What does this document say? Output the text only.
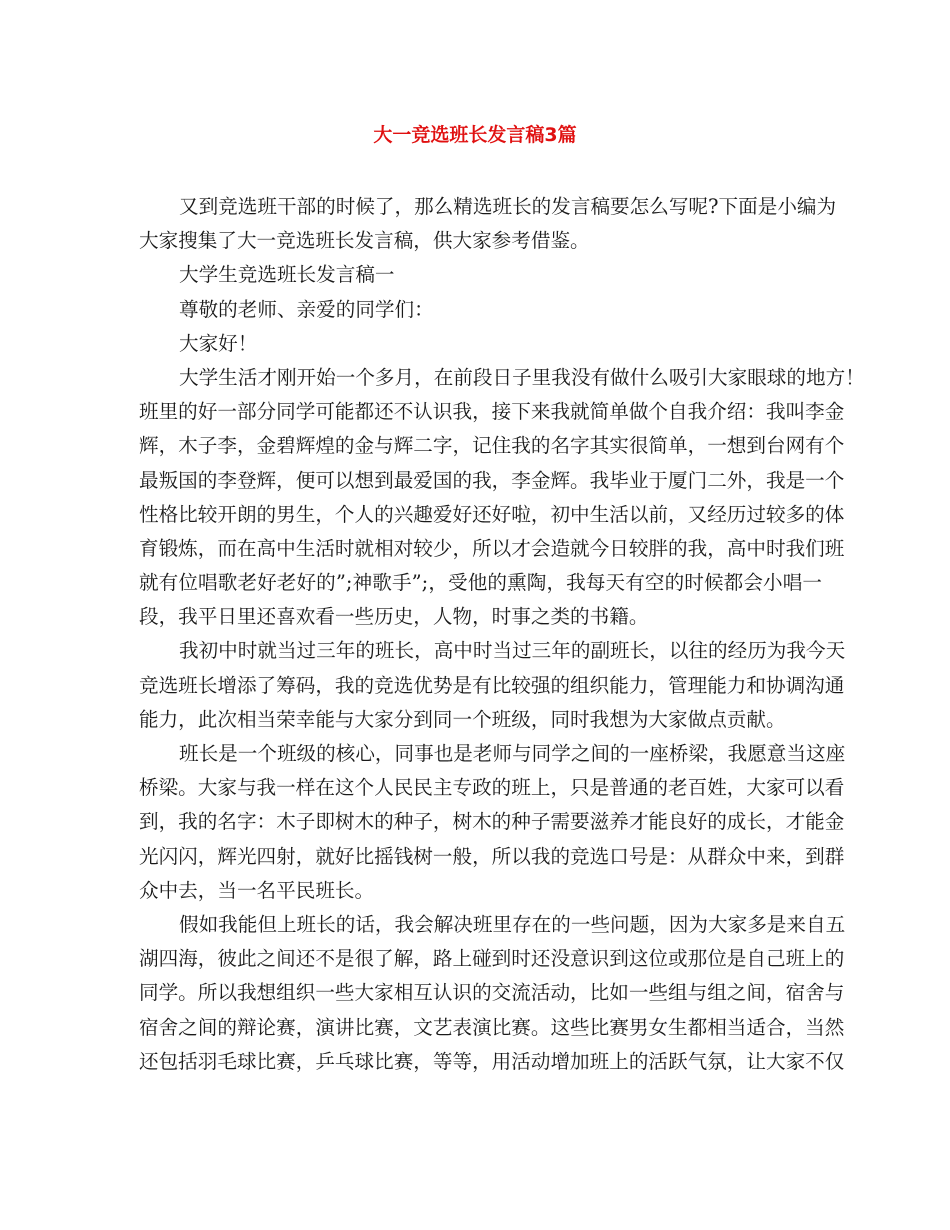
大一竞选班长发言稿3篇

又到竞选班干部的时候了，那么精选班长的发言稿要怎么写呢?下面是小编为

大家搜集了大一竞选班长发言稿，供大家参考借鉴。

大学生竞选班长发言稿一

尊敬的老师、亲爱的同学们：

大家好！

大学生活才刚开始一个多月，在前段日子里我没有做什么吸引大家眼球的地方！

班里的好一部分同学可能都还不认识我，接下来我就简单做个自我介绍：我叫李金

辉，木子李，金碧辉煌的金与辉二字，记住我的名字其实很简单，一想到台网有个

最叛国的李登辉，便可以想到最爱国的我，李金辉。我毕业于厦门二外，我是一个

性格比较开朗的男生，个人的兴趣爱好还好啦，初中生活以前，又经历过较多的体

育锻炼，而在高中生活时就相对较少，所以才会造就今日较胖的我，高中时我们班

就有位唱歌老好老好的”;神歌手”;，受他的熏陶，我每天有空的时候都会小唱一

段，我平日里还喜欢看一些历史，人物，时事之类的书籍。

我初中时就当过三年的班长，高中时当过三年的副班长，以往的经历为我今天

竞选班长增添了筹码，我的竞选优势是有比较强的组织能力，管理能力和协调沟通

能力，此次相当荣幸能与大家分到同一个班级，同时我想为大家做点贡献。

班长是一个班级的核心，同事也是老师与同学之间的一座桥梁，我愿意当这座

桥梁。大家与我一样在这个人民民主专政的班上，只是普通的老百姓，大家可以看

到，我的名字：木子即树木的种子，树木的种子需要滋养才能良好的成长，才能金

光闪闪，辉光四射，就好比摇钱树一般，所以我的竞选口号是：从群众中来，到群

众中去，当一名平民班长。

假如我能但上班长的话，我会解决班里存在的一些问题，因为大家多是来自五

湖四海，彼此之间还不是很了解，路上碰到时还没意识到这位或那位是自己班上的

同学。所以我想组织一些大家相互认识的交流活动，比如一些组与组之间，宿舍与

宿舍之间的辩论赛，演讲比赛，文艺表演比赛。这些比赛男女生都相当适合，当然

还包括羽毛球比赛，乒乓球比赛，等等，用活动增加班上的活跃气氛，让大家不仅
